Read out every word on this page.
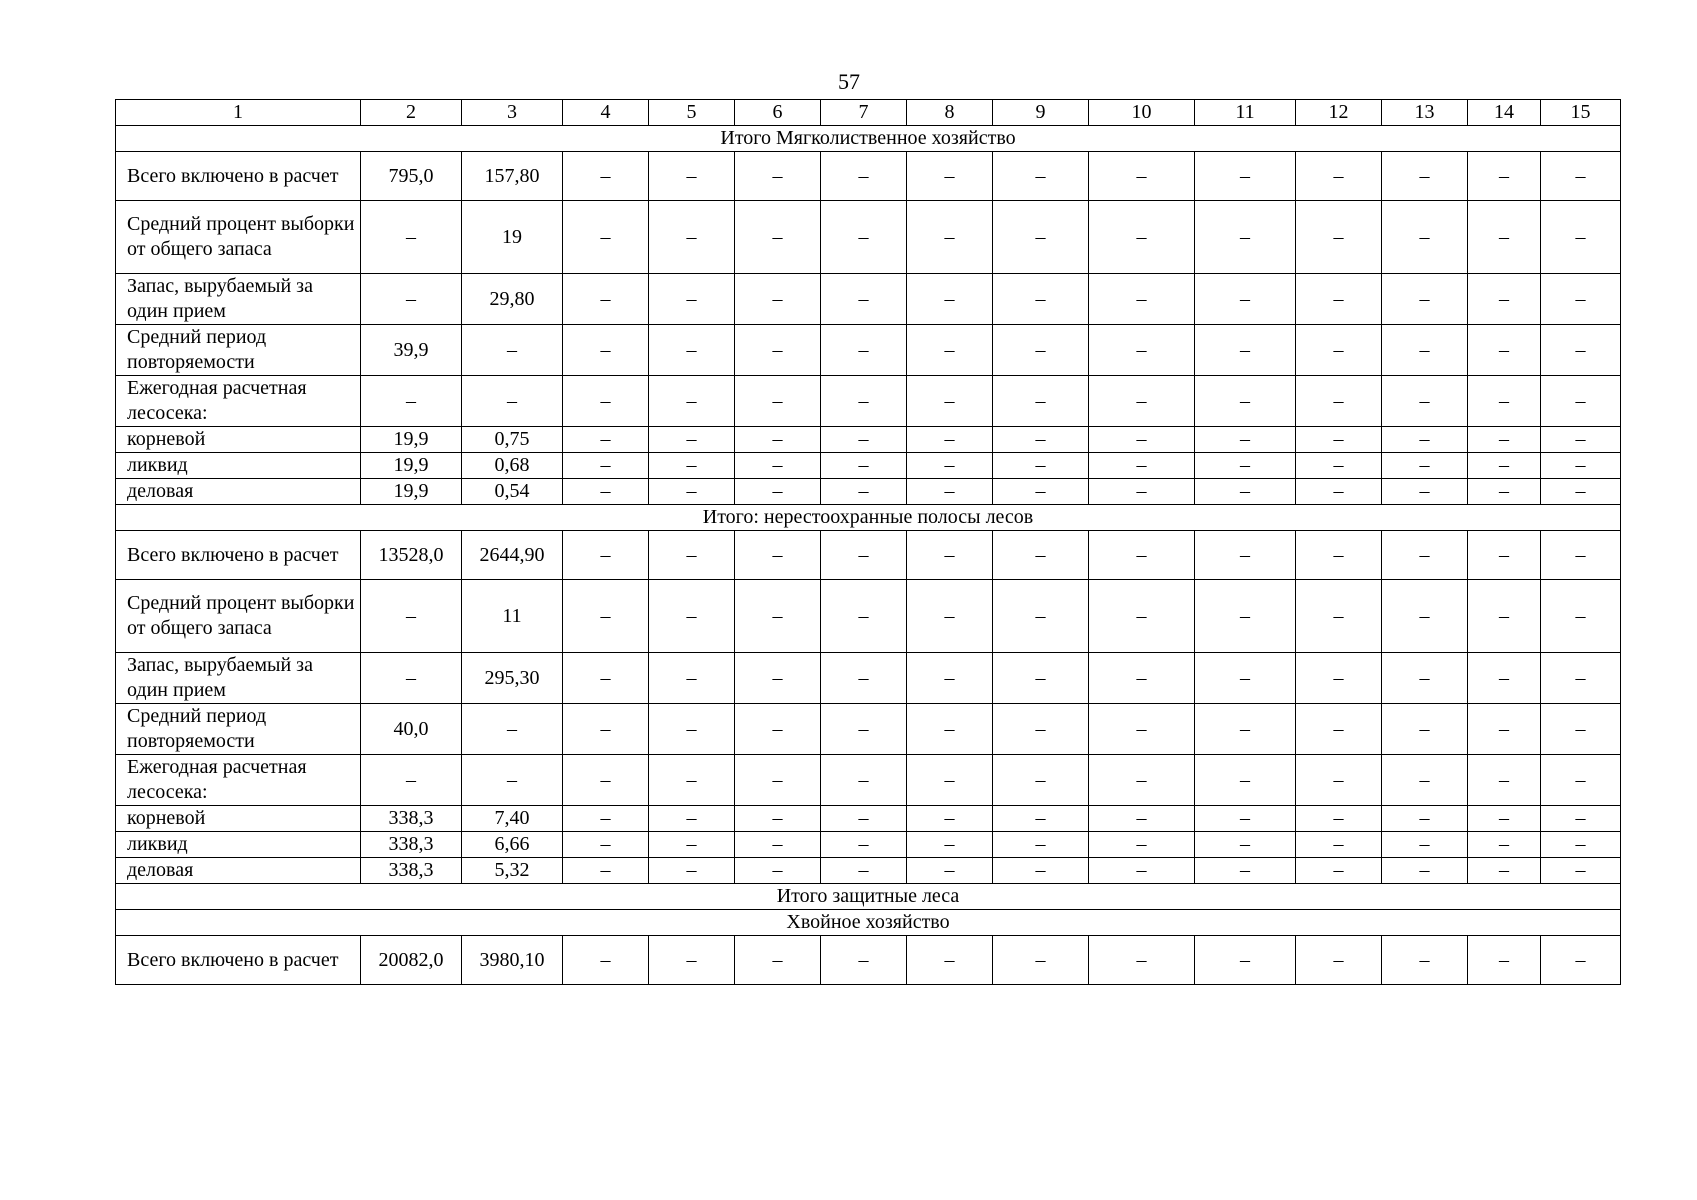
57
1	2	3	4	5	6	7	8	9	10	11	12	13	14	15
Итого Мягколиственное хозяйство														
Всего включено в расчет	795,0	157,80	–	–	–	–	–	–	–	–	–	–	–	–
Средний процент выборки от общего запаса	–	19	–	–	–	–	–	–	–	–	–	–	–	–
Запас, вырубаемый за один прием	–	29,80	–	–	–	–	–	–	–	–	–	–	–	–
Средний период повторяемости	39,9	–	–	–	–	–	–	–	–	–	–	–	–	–
Ежегодная расчетная лесосека:	–	–	–	–	–	–	–	–	–	–	–	–	–	–
корневой	19,9	0,75	–	–	–	–	–	–	–	–	–	–	–	–
ликвид	19,9	0,68	–	–	–	–	–	–	–	–	–	–	–	–
деловая	19,9	0,54	–	–	–	–	–	–	–	–	–	–	–	–
Итого: нерестоохранные полосы лесов														
Всего включено в расчет	13528,0	2644,90	–	–	–	–	–	–	–	–	–	–	–	–
Средний процент выборки от общего запаса	–	11	–	–	–	–	–	–	–	–	–	–	–	–
Запас, вырубаемый за один прием	–	295,30	–	–	–	–	–	–	–	–	–	–	–	–
Средний период повторяемости	40,0	–	–	–	–	–	–	–	–	–	–	–	–	–
Ежегодная расчетная лесосека:	–	–	–	–	–	–	–	–	–	–	–	–	–	–
корневой	338,3	7,40	–	–	–	–	–	–	–	–	–	–	–	–
ликвид	338,3	6,66	–	–	–	–	–	–	–	–	–	–	–	–
деловая	338,3	5,32	–	–	–	–	–	–	–	–	–	–	–	–
Итого защитные леса														
Хвойное хозяйство														
Всего включено в расчет	20082,0	3980,10	–	–	–	–	–	–	–	–	–	–	–	–
